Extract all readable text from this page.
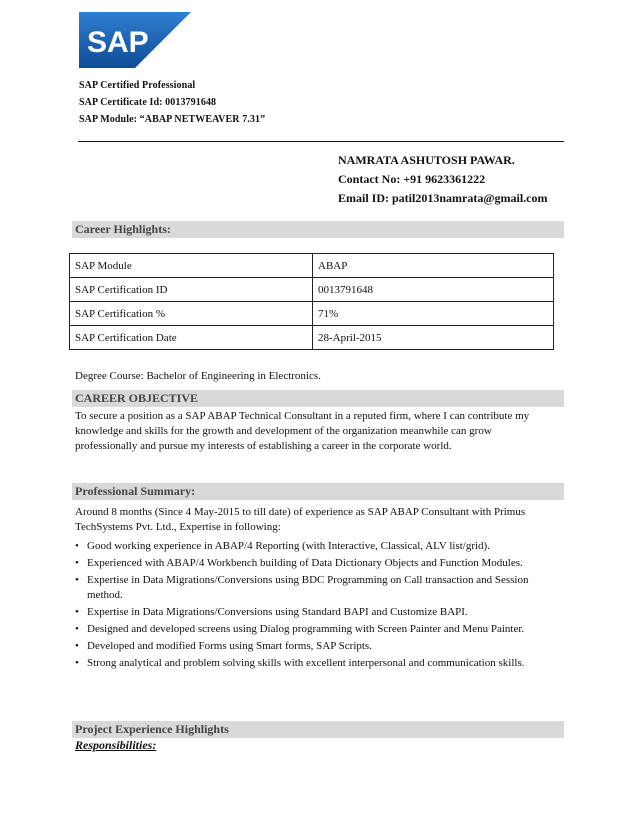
SAP
SAP Certified Professional
SAP Certificate Id: 0013791648
SAP Module: “ABAP NETWEAVER 7.31”
NAMRATA ASHUTOSH PAWAR.
Contact No: +91 9623361222
Email ID: patil2013namrata@gmail.com
Career Highlights:
SAP Module	ABAP
SAP Certification ID	0013791648
SAP Certification %	71%
SAP Certification Date	28-April-2015
Degree Course: Bachelor of Engineering in Electronics.
CAREER OBJECTIVE
To secure a position as a SAP ABAP Technical Consultant in a reputed firm, where I can contribute my knowledge and skills for the growth and development of the organization meanwhile can grow professionally and pursue my interests of establishing a career in the corporate world.
Professional Summary:
Around 8 months (Since 4 May-2015 to till date) of experience as SAP ABAP Consultant with Primus TechSystems Pvt. Ltd., Expertise in following:
• Good working experience in ABAP/4 Reporting (with Interactive, Classical, ALV list/grid).
• Experienced with ABAP/4 Workbench building of Data Dictionary Objects and Function Modules.
• Expertise in Data Migrations/Conversions using BDC Programming on Call transaction and Session method.
• Expertise in Data Migrations/Conversions using Standard BAPI and Customize BAPI.
• Designed and developed screens using Dialog programming with Screen Painter and Menu Painter.
• Developed and modified Forms using Smart forms, SAP Scripts.
• Strong analytical and problem solving skills with excellent interpersonal and communication skills.
Project Experience Highlights
Responsibilities:
